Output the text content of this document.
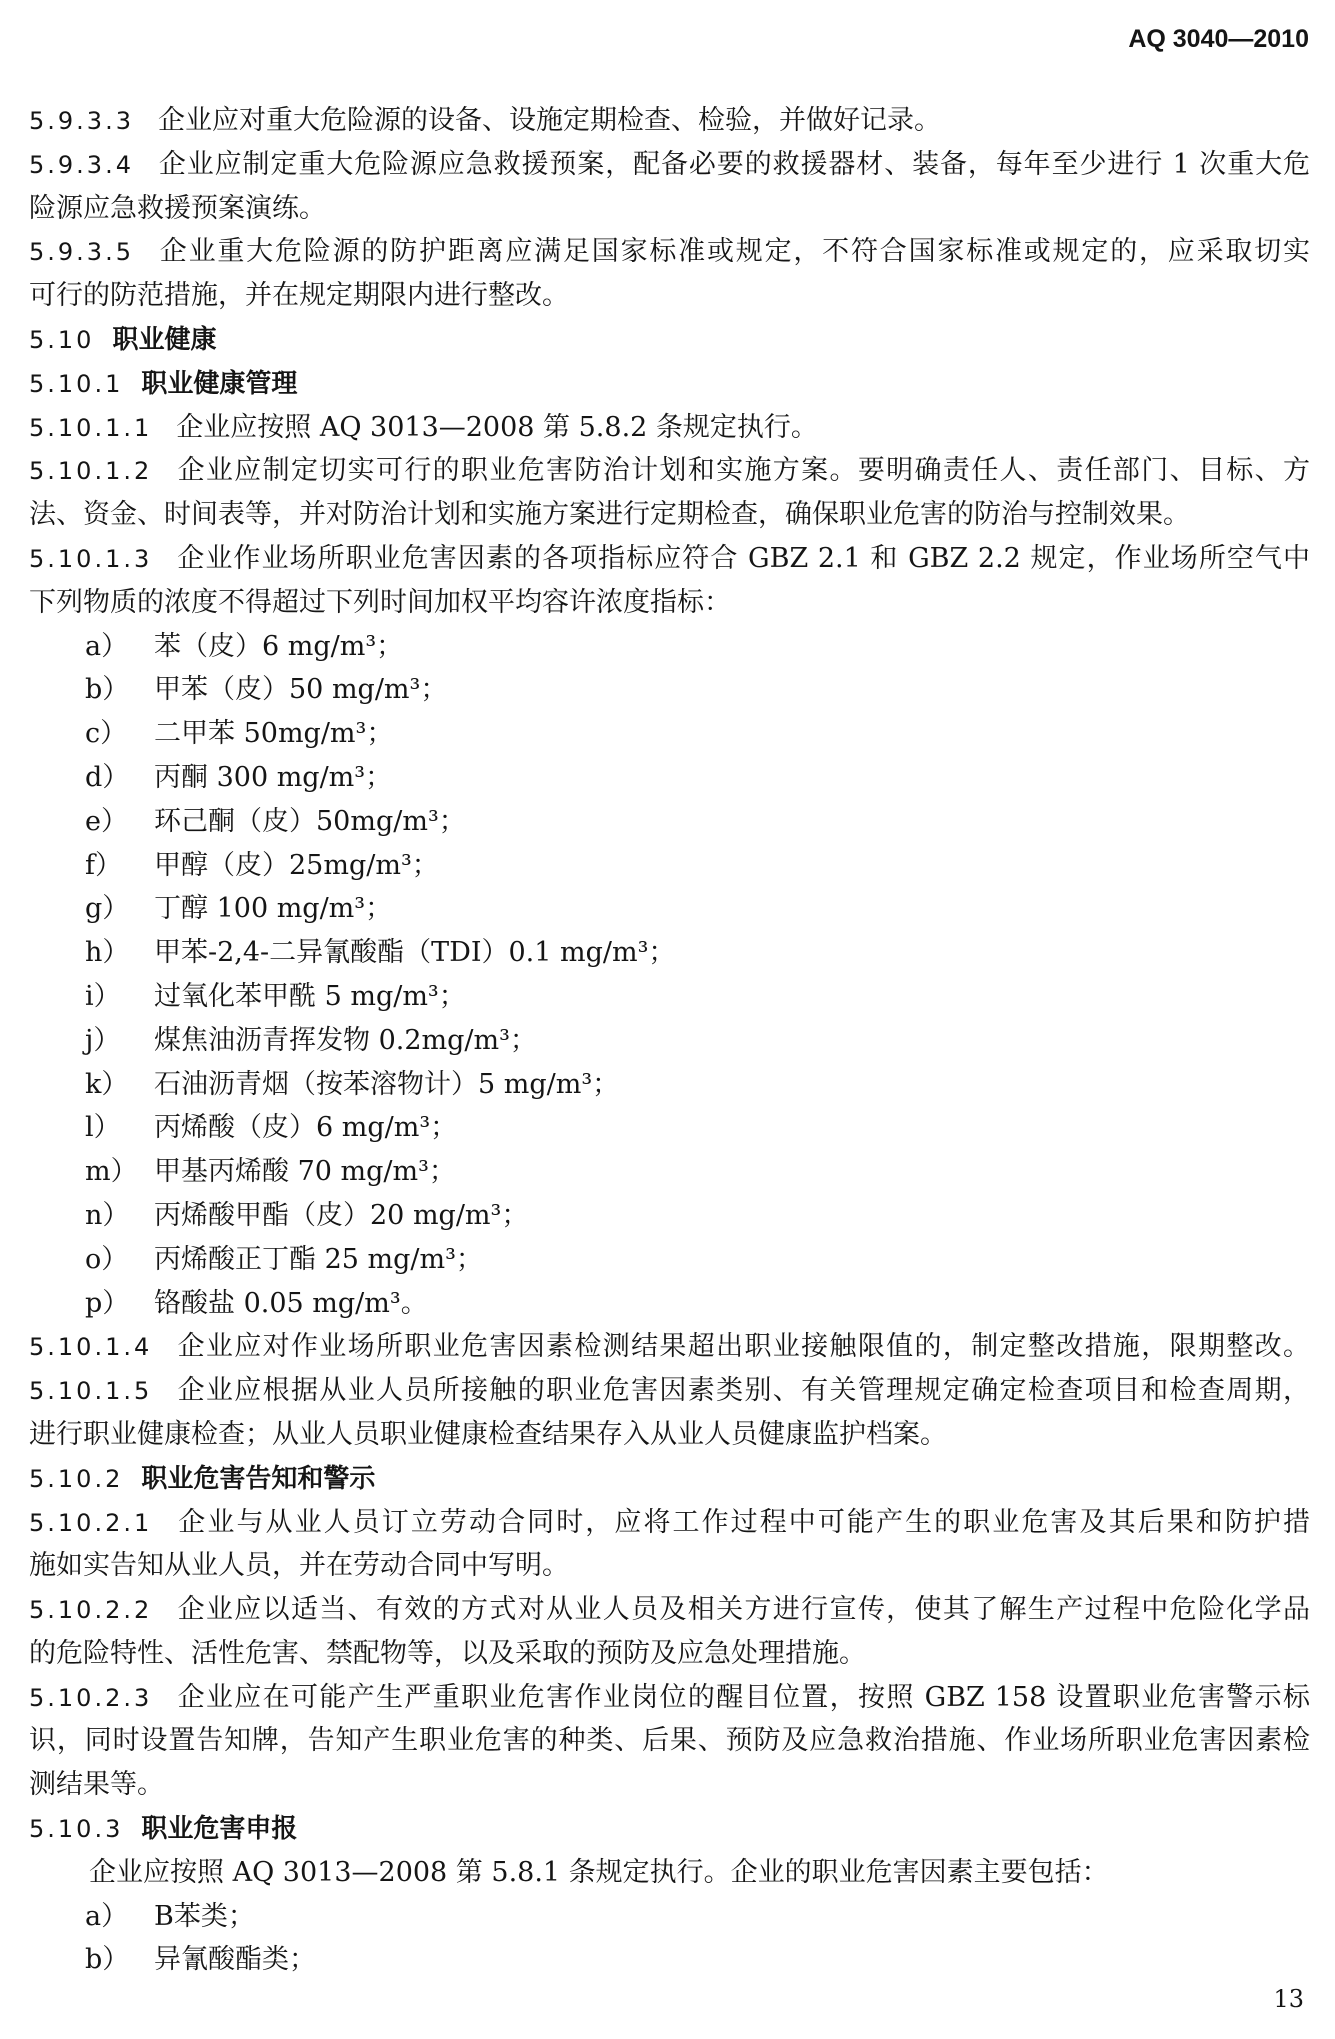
AQ 3040—2010
5.9.3.3 企业应对重大危险源的设备、设施定期检查、检验，并做好记录。
5.9.3.4 企业应制定重大危险源应急救援预案，配备必要的救援器材、装备，每年至少进行 1 次重大危
险源应急救援预案演练。
5.9.3.5 企业重大危险源的防护距离应满足国家标准或规定，不符合国家标准或规定的，应采取切实
可行的防范措施，并在规定期限内进行整改。
5.10 职业健康
5.10.1 职业健康管理
5.10.1.1 企业应按照 AQ 3013—2008 第 5.8.2 条规定执行。
5.10.1.2 企业应制定切实可行的职业危害防治计划和实施方案。要明确责任人、责任部门、目标、方
法、资金、时间表等，并对防治计划和实施方案进行定期检查，确保职业危害的防治与控制效果。
5.10.1.3 企业作业场所职业危害因素的各项指标应符合 GBZ 2.1 和 GBZ 2.2 规定，作业场所空气中
下列物质的浓度不得超过下列时间加权平均容许浓度指标：
a） 苯（皮）6 mg/m³；
b） 甲苯（皮）50 mg/m³；
c） 二甲苯 50mg/m³；
d） 丙酮 300 mg/m³；
e） 环己酮（皮）50mg/m³；
f） 甲醇（皮）25mg/m³；
g） 丁醇 100 mg/m³；
h） 甲苯-2,4-二异氰酸酯（TDI）0.1 mg/m³；
i） 过氧化苯甲酰 5 mg/m³；
j） 煤焦油沥青挥发物 0.2mg/m³；
k） 石油沥青烟（按苯溶物计）5 mg/m³；
l） 丙烯酸（皮）6 mg/m³；
m） 甲基丙烯酸 70 mg/m³；
n） 丙烯酸甲酯（皮）20 mg/m³；
o） 丙烯酸正丁酯 25 mg/m³；
p） 铬酸盐 0.05 mg/m³。
5.10.1.4 企业应对作业场所职业危害因素检测结果超出职业接触限值的，制定整改措施，限期整改。
5.10.1.5 企业应根据从业人员所接触的职业危害因素类别、有关管理规定确定检查项目和检查周期，
进行职业健康检查；从业人员职业健康检查结果存入从业人员健康监护档案。
5.10.2 职业危害告知和警示
5.10.2.1 企业与从业人员订立劳动合同时，应将工作过程中可能产生的职业危害及其后果和防护措
施如实告知从业人员，并在劳动合同中写明。
5.10.2.2 企业应以适当、有效的方式对从业人员及相关方进行宣传，使其了解生产过程中危险化学品
的危险特性、活性危害、禁配物等，以及采取的预防及应急处理措施。
5.10.2.3 企业应在可能产生严重职业危害作业岗位的醒目位置，按照 GBZ 158 设置职业危害警示标
识，同时设置告知牌，告知产生职业危害的种类、后果、预防及应急救治措施、作业场所职业危害因素检
测结果等。
5.10.3 职业危害申报
企业应按照 AQ 3013—2008 第 5.8.1 条规定执行。企业的职业危害因素主要包括：
a） B苯类；
b） 异氰酸酯类；
13
